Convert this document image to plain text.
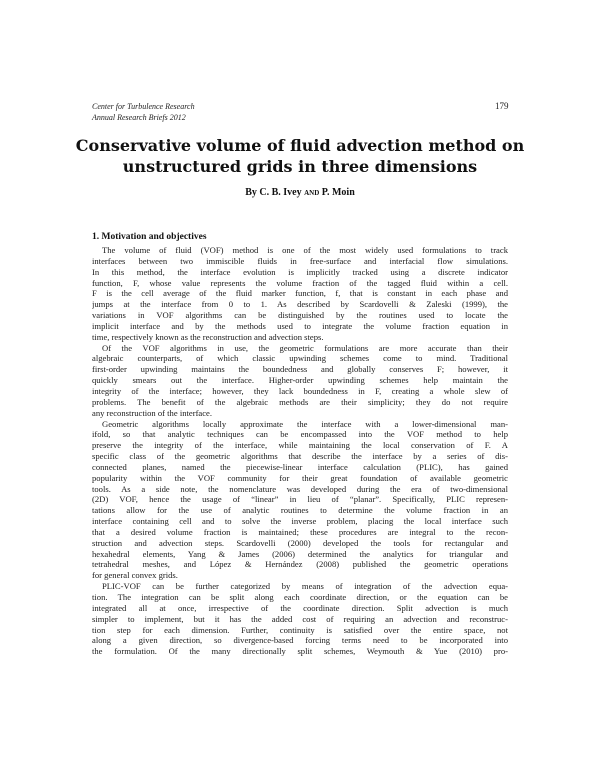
Center for Turbulence Research
Annual Research Briefs 2012
179
Conservative volume of fluid advection method on
unstructured grids in three dimensions
By C. B. Ivey and P. Moin
1. Motivation and objectives
The volume of fluid (VOF) method is one of the most widely used formulations to track
interfaces between two immiscible fluids in free-surface and interfacial flow simulations.
In this method, the interface evolution is implicitly tracked using a discrete indicator
function, F, whose value represents the volume fraction of the tagged fluid within a cell.
F is the cell average of the fluid marker function, f, that is constant in each phase and
jumps at the interface from 0 to 1. As described by Scardovelli & Zaleski (1999), the
variations in VOF algorithms can be distinguished by the routines used to locate the
implicit interface and by the methods used to integrate the volume fraction equation in
time, respectively known as the reconstruction and advection steps.
Of the VOF algorithms in use, the geometric formulations are more accurate than their
algebraic counterparts, of which classic upwinding schemes come to mind. Traditional
first-order upwinding maintains the boundedness and globally conserves F; however, it
quickly smears out the interface. Higher-order upwinding schemes help maintain the
integrity of the interface; however, they lack boundedness in F, creating a whole slew of
problems. The benefit of the algebraic methods are their simplicity; they do not require
any reconstruction of the interface.
Geometric algorithms locally approximate the interface with a lower-dimensional man-
ifold, so that analytic techniques can be encompassed into the VOF method to help
preserve the integrity of the interface, while maintaining the local conservation of F. A
specific class of the geometric algorithms that describe the interface by a series of dis-
connected planes, named the piecewise-linear interface calculation (PLIC), has gained
popularity within the VOF community for their great foundation of available geometric
tools. As a side note, the nomenclature was developed during the era of two-dimensional
(2D) VOF, hence the usage of “linear” in lieu of “planar”. Specifically, PLIC represen-
tations allow for the use of analytic routines to determine the volume fraction in an
interface containing cell and to solve the inverse problem, placing the local interface such
that a desired volume fraction is maintained; these procedures are integral to the recon-
struction and advection steps. Scardovelli (2000) developed the tools for rectangular and
hexahedral elements, Yang & James (2006) determined the analytics for triangular and
tetrahedral meshes, and López & Hernández (2008) published the geometric operations
for general convex grids.
PLIC-VOF can be further categorized by means of integration of the advection equa-
tion. The integration can be split along each coordinate direction, or the equation can be
integrated all at once, irrespective of the coordinate direction. Split advection is much
simpler to implement, but it has the added cost of requiring an advection and reconstruc-
tion step for each dimension. Further, continuity is satisfied over the entire space, not
along a given direction, so divergence-based forcing terms need to be incorporated into
the formulation. Of the many directionally split schemes, Weymouth & Yue (2010) pro-
